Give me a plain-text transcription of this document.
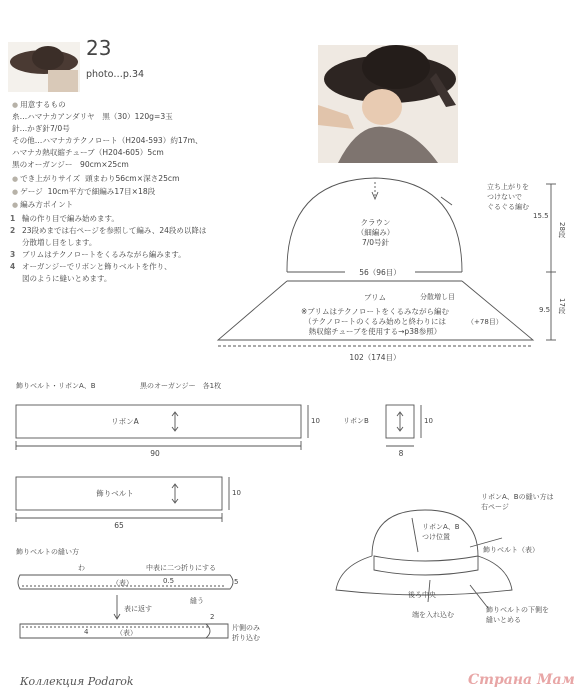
23
photo…p.34
● 用意するもの
糸…ハマナカアンダリヤ　黒（30）120g=3玉
針…かぎ針7/0号
その他…ハマナカテクノロート（H204-593）約17m、
ハマナカ熱収縮チューブ（H204-605）5cm
黒のオーガンジー　90cm×25cm
● でき上がりサイズ 頭まわり56cm×深さ25cm
● ゲージ 10cm平方で細編み17目×18段
● 編み方ポイント
1 輪の作り目で編み始めます。
2 23段めまでは右ページを参照して編み、24段め以降は
分散増し目をします。
3 ブリムはテクノロートをくるみながら編みます。
4 オーガンジーでリボンと飾りベルトを作り、
図のように縫いとめます。
立ち上がりを
つけないで
ぐるぐる編む
クラウン
（細編み）
7/0号針
56（96目）
15.5
28段
ブリム	分散増し目
※ブリムはテクノロートをくるみながら編む
（テクノロートのくるみ始めと終わりには
熱収縮チューブを使用する→p38参照）
（+78目）
9.5 17段
102（174目）
飾りベルト・リボンA、B	黒のオーガンジー　各1枚
リボンA	10
90
リボンB	10
8
飾りベルト	10
65
飾りベルトの縫い方
わ	中表に二つ折りにする
（表）	0.5	5
縫う
表に返す
2
4	（表）
片側のみ
折り込む
リボンA、Bの縫い方は
右ページ
リボンA、B
つけ位置
飾りベルト（表）
後ろ中央
端を入れ込む
飾りベルトの下側を
縫いとめる
Коллекция Podarok	Страна Мам
